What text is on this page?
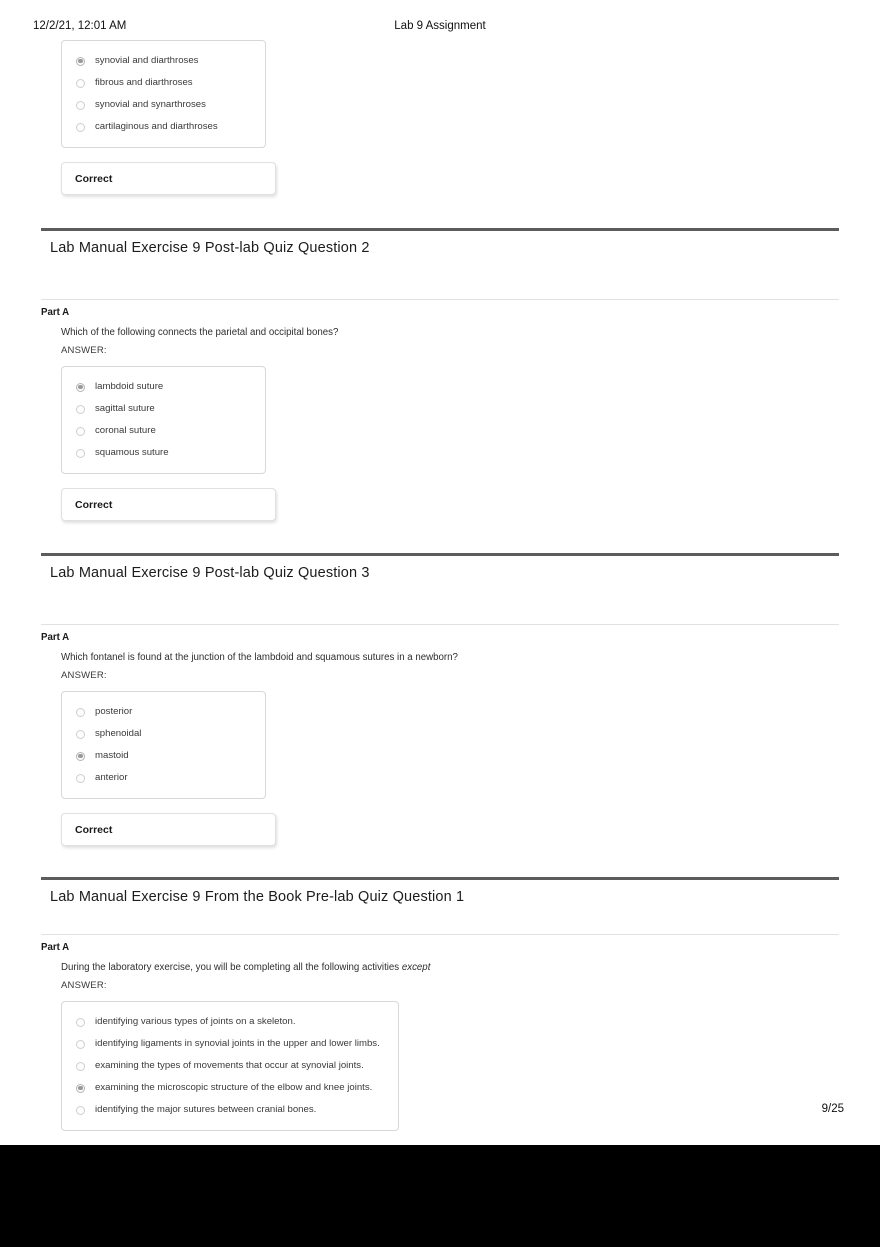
12/2/21, 12:01 AM	Lab 9 Assignment
synovial and diarthroses
fibrous and diarthroses
synovial and synarthroses
cartilaginous and diarthroses
Correct
Lab Manual Exercise 9 Post-lab Quiz Question 2
Part A
Which of the following connects the parietal and occipital bones?
ANSWER:
lambdoid suture
sagittal suture
coronal suture
squamous suture
Correct
Lab Manual Exercise 9 Post-lab Quiz Question 3
Part A
Which fontanel is found at the junction of the lambdoid and squamous sutures in a newborn?
ANSWER:
posterior
sphenoidal
mastoid
anterior
Correct
Lab Manual Exercise 9 From the Book Pre-lab Quiz Question 1
Part A
During the laboratory exercise, you will be completing all the following activities except
ANSWER:
identifying various types of joints on a skeleton.
identifying ligaments in synovial joints in the upper and lower limbs.
examining the types of movements that occur at synovial joints.
examining the microscopic structure of the elbow and knee joints.
identifying the major sutures between cranial bones.	9/25
